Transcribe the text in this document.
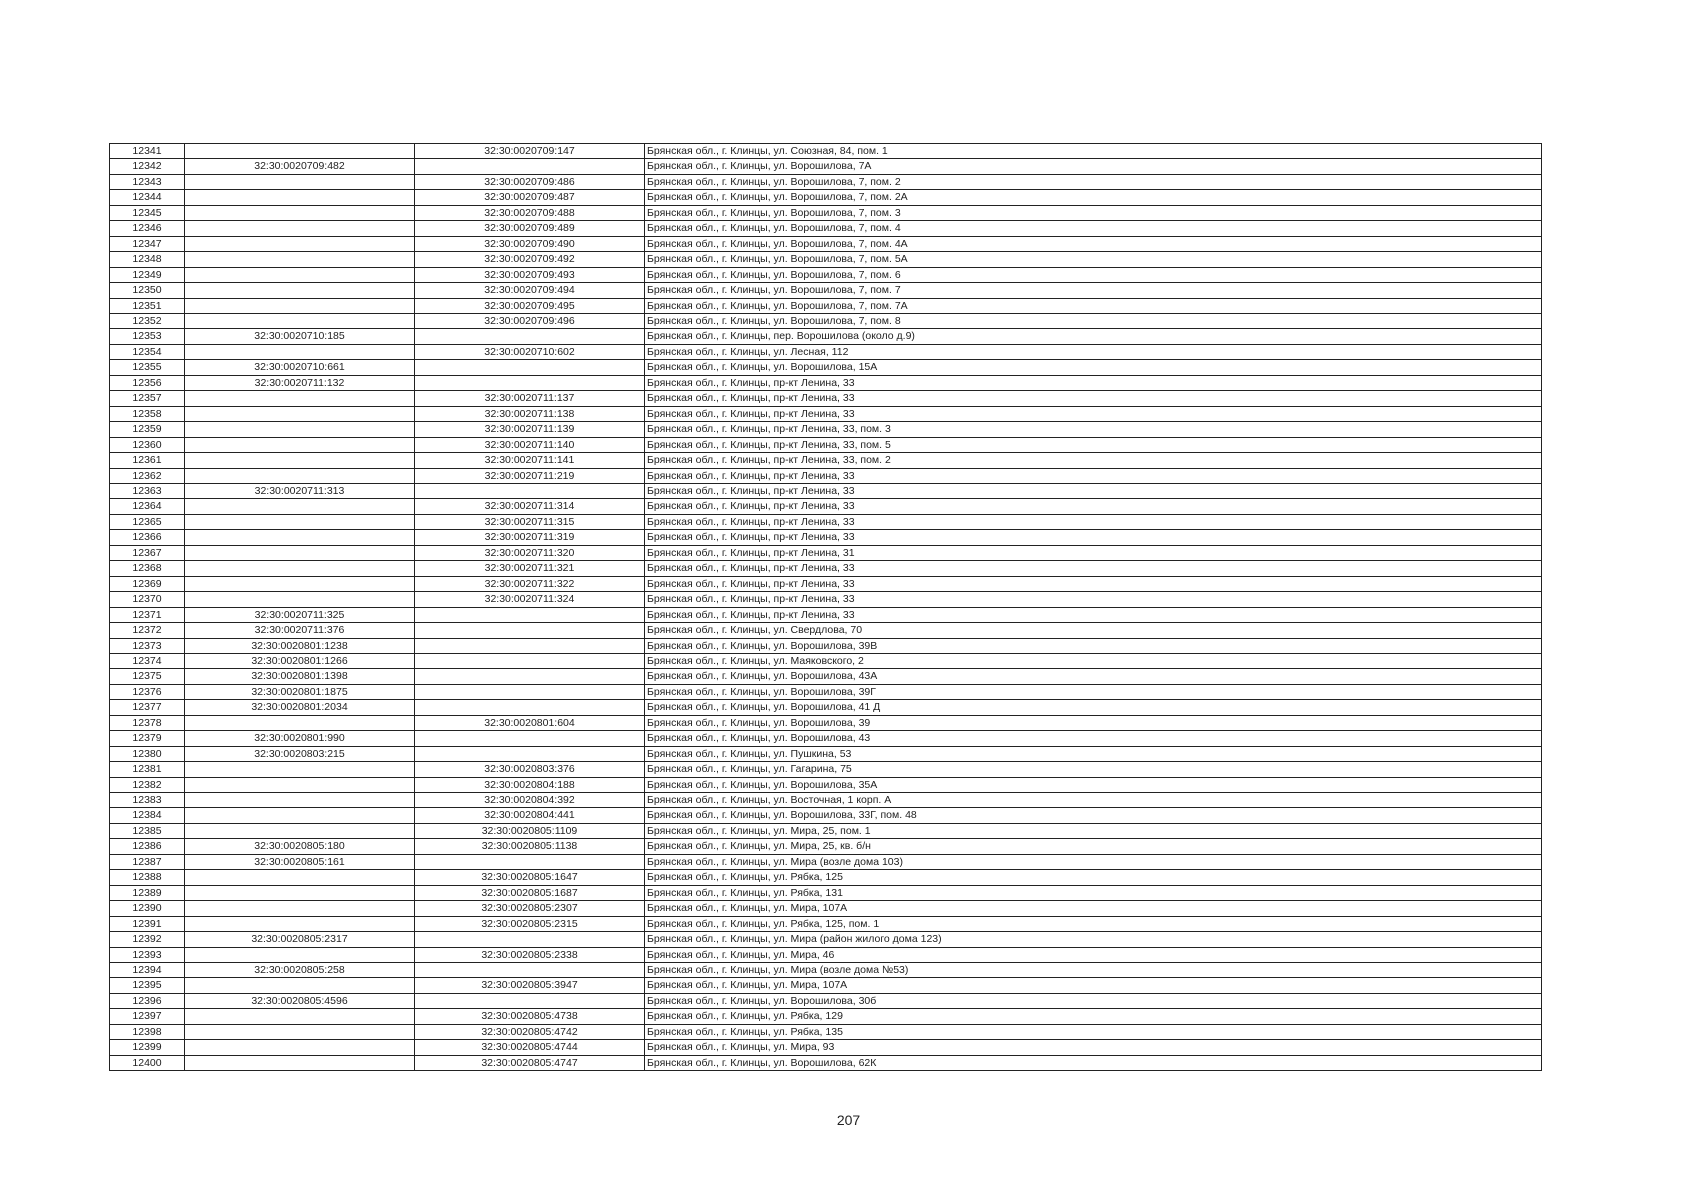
12341		32:30:0020709:147	Брянская обл., г. Клинцы, ул. Союзная, 84, пом. 1
12342	32:30:0020709:482		Брянская обл., г. Клинцы, ул. Ворошилова, 7А
12343		32:30:0020709:486	Брянская обл., г. Клинцы, ул. Ворошилова, 7, пом. 2
12344		32:30:0020709:487	Брянская обл., г. Клинцы, ул. Ворошилова, 7, пом. 2А
12345		32:30:0020709:488	Брянская обл., г. Клинцы, ул. Ворошилова, 7, пом. 3
12346		32:30:0020709:489	Брянская обл., г. Клинцы, ул. Ворошилова, 7, пом. 4
12347		32:30:0020709:490	Брянская обл., г. Клинцы, ул. Ворошилова, 7, пом. 4А
12348		32:30:0020709:492	Брянская обл., г. Клинцы, ул. Ворошилова, 7, пом. 5А
12349		32:30:0020709:493	Брянская обл., г. Клинцы, ул. Ворошилова, 7, пом. 6
12350		32:30:0020709:494	Брянская обл., г. Клинцы, ул. Ворошилова, 7, пом. 7
12351		32:30:0020709:495	Брянская обл., г. Клинцы, ул. Ворошилова, 7, пом. 7А
12352		32:30:0020709:496	Брянская обл., г. Клинцы, ул. Ворошилова, 7, пом. 8
12353	32:30:0020710:185		Брянская обл., г. Клинцы, пер. Ворошилова (около д.9)
12354		32:30:0020710:602	Брянская обл., г. Клинцы, ул. Лесная, 112
12355	32:30:0020710:661		Брянская обл., г. Клинцы, ул. Ворошилова, 15А
12356	32:30:0020711:132		Брянская обл., г. Клинцы, пр-кт Ленина, 33
12357		32:30:0020711:137	Брянская обл., г. Клинцы, пр-кт Ленина, 33
12358		32:30:0020711:138	Брянская обл., г. Клинцы, пр-кт Ленина, 33
12359		32:30:0020711:139	Брянская обл., г. Клинцы, пр-кт Ленина, 33, пом. 3
12360		32:30:0020711:140	Брянская обл., г. Клинцы, пр-кт Ленина, 33, пом. 5
12361		32:30:0020711:141	Брянская обл., г. Клинцы, пр-кт Ленина, 33, пом. 2
12362		32:30:0020711:219	Брянская обл., г. Клинцы, пр-кт Ленина, 33
12363	32:30:0020711:313		Брянская обл., г. Клинцы, пр-кт Ленина, 33
12364		32:30:0020711:314	Брянская обл., г. Клинцы, пр-кт Ленина, 33
12365		32:30:0020711:315	Брянская обл., г. Клинцы, пр-кт Ленина, 33
12366		32:30:0020711:319	Брянская обл., г. Клинцы, пр-кт Ленина, 33
12367		32:30:0020711:320	Брянская обл., г. Клинцы, пр-кт Ленина, 31
12368		32:30:0020711:321	Брянская обл., г. Клинцы, пр-кт Ленина, 33
12369		32:30:0020711:322	Брянская обл., г. Клинцы, пр-кт Ленина, 33
12370		32:30:0020711:324	Брянская обл., г. Клинцы, пр-кт Ленина, 33
12371	32:30:0020711:325		Брянская обл., г. Клинцы, пр-кт Ленина, 33
12372	32:30:0020711:376		Брянская обл., г. Клинцы, ул. Свердлова, 70
12373	32:30:0020801:1238		Брянская обл., г. Клинцы, ул. Ворошилова, 39В
12374	32:30:0020801:1266		Брянская обл., г. Клинцы, ул. Маяковского, 2
12375	32:30:0020801:1398		Брянская обл., г. Клинцы, ул. Ворошилова, 43А
12376	32:30:0020801:1875		Брянская обл., г. Клинцы, ул. Ворошилова, 39Г
12377	32:30:0020801:2034		Брянская обл., г. Клинцы, ул. Ворошилова, 41 Д
12378		32:30:0020801:604	Брянская обл., г. Клинцы, ул. Ворошилова, 39
12379	32:30:0020801:990		Брянская обл., г. Клинцы, ул. Ворошилова, 43
12380	32:30:0020803:215		Брянская обл., г. Клинцы, ул. Пушкина, 53
12381		32:30:0020803:376	Брянская обл., г. Клинцы, ул. Гагарина, 75
12382		32:30:0020804:188	Брянская обл., г. Клинцы, ул. Ворошилова, 35А
12383		32:30:0020804:392	Брянская обл., г. Клинцы, ул. Восточная, 1 корп. А
12384		32:30:0020804:441	Брянская обл., г. Клинцы, ул. Ворошилова, 33Г, пом. 48
12385		32:30:0020805:1109	Брянская обл., г. Клинцы, ул. Мира, 25, пом. 1
12386	32:30:0020805:180	32:30:0020805:1138	Брянская обл., г. Клинцы, ул. Мира, 25, кв. б/н
12387	32:30:0020805:161		Брянская обл., г. Клинцы, ул. Мира (возле дома 103)
12388		32:30:0020805:1647	Брянская обл., г. Клинцы, ул. Рябка, 125
12389		32:30:0020805:1687	Брянская обл., г. Клинцы, ул. Рябка, 131
12390		32:30:0020805:2307	Брянская обл., г. Клинцы, ул. Мира, 107А
12391		32:30:0020805:2315	Брянская обл., г. Клинцы, ул. Рябка, 125, пом. 1
12392	32:30:0020805:2317		Брянская обл., г. Клинцы, ул. Мира (район жилого дома 123)
12393		32:30:0020805:2338	Брянская обл., г. Клинцы, ул. Мира, 46
12394	32:30:0020805:258		Брянская обл., г. Клинцы, ул. Мира (возле дома №53)
12395		32:30:0020805:3947	Брянская обл., г. Клинцы, ул. Мира, 107А
12396	32:30:0020805:4596		Брянская обл., г. Клинцы, ул. Ворошилова, 30б
12397		32:30:0020805:4738	Брянская обл., г. Клинцы, ул. Рябка, 129
12398		32:30:0020805:4742	Брянская обл., г. Клинцы, ул. Рябка, 135
12399		32:30:0020805:4744	Брянская обл., г. Клинцы, ул. Мира, 93
12400		32:30:0020805:4747	Брянская обл., г. Клинцы, ул. Ворошилова, 62К
207
